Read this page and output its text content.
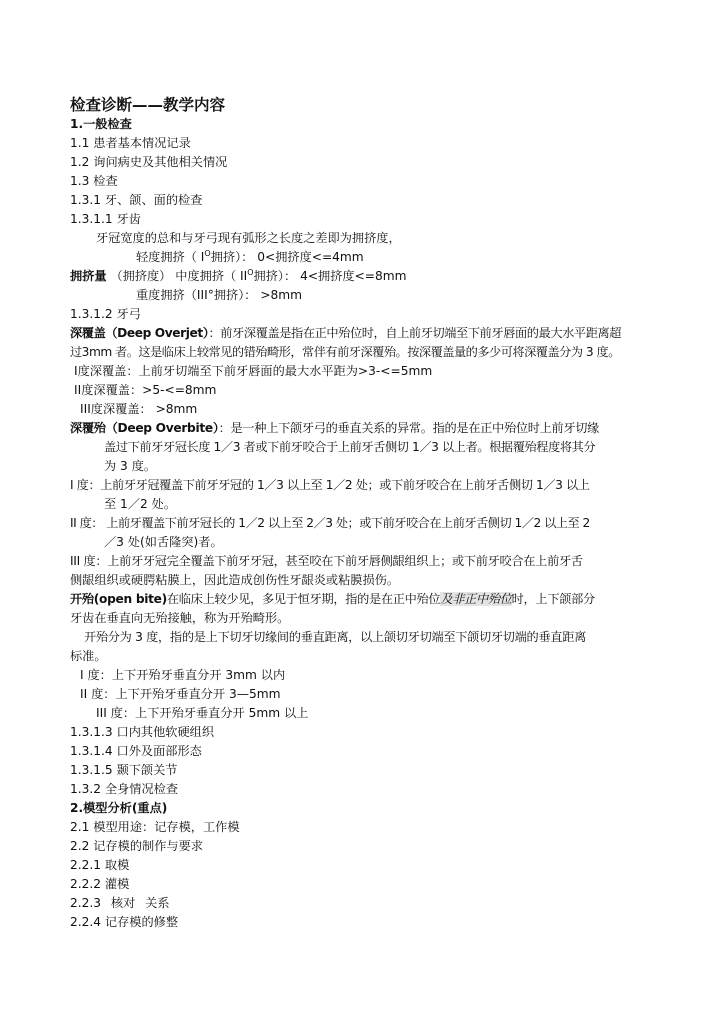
检查诊断——教学内容
1.一般检查
1.1 患者基本情况记录
1.2 询问病史及其他相关情况
1.3 检查
1.3.1 牙、颌、面的检查
1.3.1.1 牙齿
牙冠宽度的总和与牙弓现有弧形之长度之差即为拥挤度，
轻度拥挤（ $I^O$拥挤）： 0<拥挤度<=4mm
拥挤量 （拥挤度） 中度拥挤（ $II^O$拥挤）： 4<拥挤度<=8mm
重度拥挤（III°拥挤）： >8mm
1.3.1.2 牙弓
深覆盖（Deep Overjet）：前牙深覆盖是指在正中殆位时，自上前牙切端至下前牙唇面的最大水平距离超
过3mm 者。这是临床上较常见的错殆畸形，常伴有前牙深覆殆。按深覆盖量的多少可将深覆盖分为 3 度。
I度深覆盖：上前牙切端至下前牙唇面的最大水平距为>3-<=5mm
II度深覆盖：>5-<=8mm
III度深覆盖： >8mm
深覆殆（Deep Overbite）：是一种上下颌牙弓的垂直关系的异常。指的是在正中殆位时上前牙切缘
盖过下前牙牙冠长度 1／3 者或下前牙咬合于上前牙舌侧切 1／3 以上者。根据覆殆程度将其分
为 3 度。
I 度：上前牙牙冠覆盖下前牙牙冠的 1／3 以上至 1／2 处；或下前牙咬合在上前牙舌侧切 1／3 以上
至 1／2 处。
II 度： 上前牙覆盖下前牙冠长的 1／2 以上至 2／3 处；或下前牙咬合在上前牙舌侧切 1／2 以上至 2
／3 处(如舌隆突)者。
III 度：上前牙牙冠完全覆盖下前牙牙冠，甚至咬在下前牙唇侧龈组织上；或下前牙咬合在上前牙舌
侧龈组织或硬腭粘膜上，因此造成创伤性牙龈炎或粘膜损伤。
开殆(open bite)在临床上较少见，多见于恒牙期，指的是在正中殆位及非正中殆位时，上下颌部分
牙齿在垂直向无殆接触，称为开殆畸形。
开殆分为 3 度，指的是上下切牙切缘间的垂直距离，以上颌切牙切端至下颌切牙切端的垂直距离
标准。
I 度：上下开殆牙垂直分开 3mm 以内
II 度：上下开殆牙垂直分开 3—5mm
III 度：上下开殆牙垂直分开 5mm 以上
1.3.1.3 口内其他软硬组织
1.3.1.4 口外及面部形态
1.3.1.5 颞下颌关节
1.3.2 全身情况检查
2.模型分析(重点)
2.1 模型用途：记存模，工作模
2.2 记存模的制作与要求
2.2.1 取模
2.2.2 灌模
2.2.3 核对 关系
2.2.4 记存模的修整
